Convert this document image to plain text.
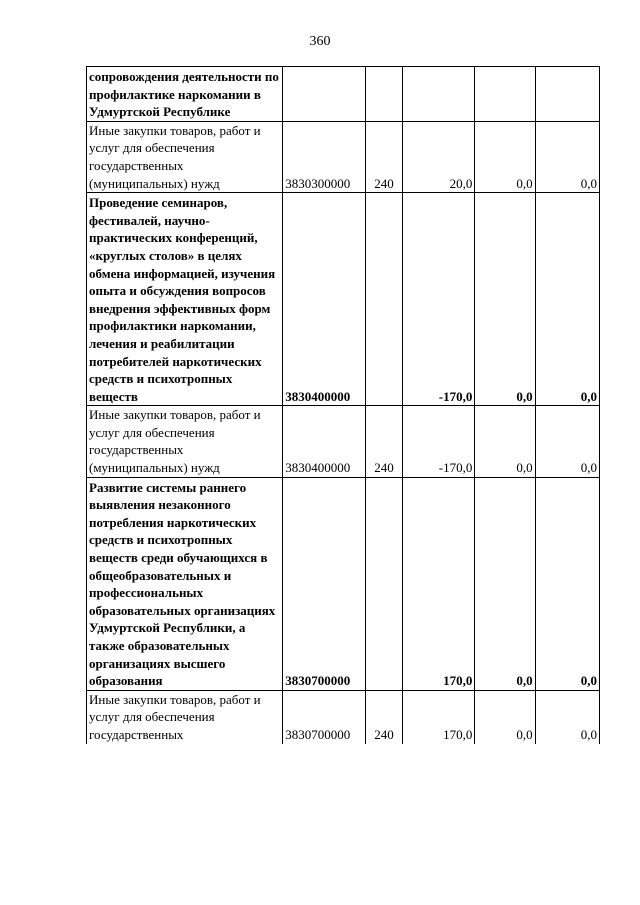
360
сопровождения деятельности по профилактике наркомании в Удмуртской Республике					
Иные закупки товаров, работ и услуг для обеспечения государственных (муниципальных) нужд	3830300000	240	20,0	0,0	0,0
Проведение семинаров, фестивалей, научно-практических конференций, «круглых столов» в целях обмена информацией, изучения опыта и обсуждения вопросов внедрения эффективных форм профилактики наркомании, лечения и реабилитации потребителей наркотических средств и психотропных веществ	3830400000		-170,0	0,0	0,0
Иные закупки товаров, работ и услуг для обеспечения государственных (муниципальных) нужд	3830400000	240	-170,0	0,0	0,0
Развитие системы раннего выявления незаконного потребления наркотических средств и психотропных веществ среди обучающихся в общеобразовательных и профессиональных образовательных организациях Удмуртской Республики, а также образовательных организациях высшего образования	3830700000		170,0	0,0	0,0
Иные закупки товаров, работ и услуг для обеспечения государственных	3830700000	240	170,0	0,0	0,0
